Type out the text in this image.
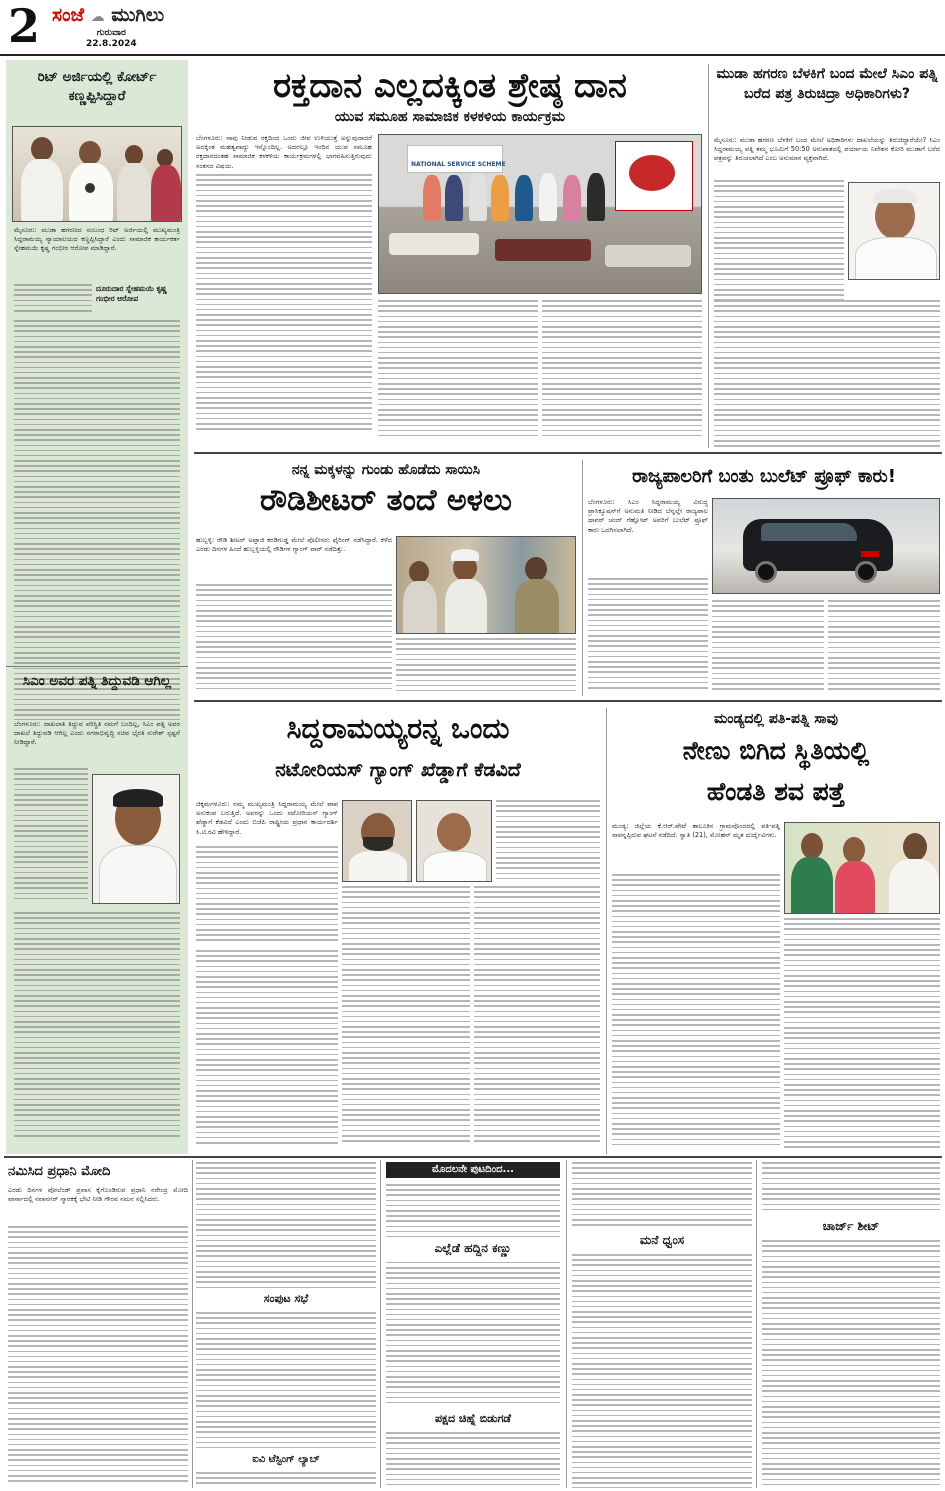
2 ಸಂಜೆ ☁ ಮುಗಿಲು
ಗುರುವಾರ
22.8.2024
ರಿಟ್ ಅರ್ಜಿಯಲ್ಲಿ ಕೋರ್ಟ್ ಕಣ್ಣಪ್ಪಿಸಿದ್ದಾರೆ
ಮೈಸೂರು: ಮುಡಾ ಹಗರಣದ ಸಂಬಂಧ ರಿಟ್ ಅರ್ಜಿಯಲ್ಲಿ ಮುಖ್ಯಮಂತ್ರಿ ಸಿದ್ದರಾಮಯ್ಯ ನ್ಯಾಯಾಲಯದ ಕಣ್ಣಪ್ಪಿಸಿದ್ದಾರೆ ಎಂದು ಸಾಮಾಜಿಕ ಕಾರ್ಯಕರ್ತ ಸ್ನೇಹಮಯಿ ಕೃಷ್ಣ ಗಂಭೀರ ಆರೋಪ ಮಾಡಿದ್ದಾರೆ.
ದೂರುದಾರ ಸ್ನೇಹಮಯಿ ಕೃಷ್ಣ ಗಂಭೀರ ಆರೋಪ
ಸಿಎಂ ಅವರ ಪತ್ನಿ ತಿದ್ದುವಡಿ ಆಗಿಲ್ಲ
ಬೆಂಗಳೂರು: ದಾಖಲಾತಿ ತಿದ್ದುವ ಪರಿಸ್ಥಿತಿ ನಮಗೆ ಬಂದಿಲ್ಲ, ಸಿಎಂ ಪತ್ನಿ ಅವರ ದಾಖಲೆ ತಿದ್ದುವಡಿ ಆಗಿಲ್ಲ ಎಂದು ನಗರಾಭಿವೃದ್ಧಿ ಸಚಿವ ಭೈರತಿ ಸುರೇಶ್ ಸ್ಪಷ್ಟನೆ ನೀಡಿದ್ದಾರೆ.
ರಕ್ತದಾನ ಎಲ್ಲದಕ್ಕಿಂತ ಶ್ರೇಷ್ಠ ದಾನ
ಯುವ ಸಮೂಹ ಸಾಮಾಜಿಕ ಕಳಕಳಿಯ ಕಾರ್ಯಕ್ರಮ
ಬೆಂಗಳೂರು: ನಾವು ನೀಡುವ ರಕ್ತದಿಂದ ಒಂದು ಜೀವ ಉಳಿಯುತ್ತೆ ಅನ್ನುವುದಾದರೆ ಅದಕ್ಕಿಂತ ಮಹತ್ವವಾದ್ದು ಇನ್ನೊಂದಿಲ್ಲ. ಅದರಲ್ಲೂ ಇಂದಿನ ಯುವ ಸಮೂಹ ರಕ್ತದಾನದಂತಹ ಸಾಮಾಜಿಕ ಕಳಕಳಿಯ ಕಾರ್ಯಕ್ರಮಗಳಲ್ಲಿ ಭಾಗವಹಿಸುತ್ತಿರುವುದು ಸಂತಸದ ವಿಷಯ.	NATIONAL SERVICE SCHEME
ಮುಡಾ ಹಗರಣ ಬೆಳಕಿಗೆ ಬಂದ ಮೇಲೆ ಸಿಎಂ ಪತ್ನಿ ಬರೆದ ಪತ್ರ ತಿರುಚಿದ್ರಾ ಅಧಿಕಾರಿಗಳು?
ಮೈಸೂರು: ಮುಡಾ ಹಗರಣ ಬೆಳಕಿಗೆ ಬಂದ ಮೇಲೆ ಅಧಿಕಾರಿಗಳು ದಾಖಲೆಯನ್ನು ತಿರುಚಿದ್ದಾರೆಯೇ? ಸಿಎಂ ಸಿದ್ದರಾಮಯ್ಯ ಪತ್ನಿ ತಮ್ಮ ಭೂಮಿಗೆ 50:50 ಅನುಪಾತದಲ್ಲಿ ಪರ್ಯಾಯ ನಿವೇಶನ ಕೋರಿ ಮುಡಾಗೆ ಬರೆದ ಪತ್ರವನ್ನು ತಿರುಚಲಾಗಿದೆ ಎಂಬ ಅನುಮಾನ ವ್ಯಕ್ತವಾಗಿದೆ.
ನನ್ನ ಮಕ್ಕಳನ್ನು ಗುಂಡು ಹೊಡೆದು ಸಾಯಿಸಿ
ರೌಡಿಶೀಟರ್ ತಂದೆ ಅಳಲು
ಹುಬ್ಬಳ್ಳಿ: ರೌಡಿ ಶೀಟರ್ ಅಪ್ಪಾಜಿ ಕರಡಿಗುಡ್ಡ ಮೇಲೆ ಪೊಲೀಸರು ಫೈರಿಂಗ್ ನಡೆಸಿದ್ದಾರೆ. ಕಳೆದ ಎರಡು ದಿನಗಳ ಹಿಂದೆ ಹುಬ್ಬಳ್ಳಿಯಲ್ಲಿ ರೌಡಿಗಳ ಗ್ಯಾಂಗ್ ವಾರ್ ನಡೆದಿತ್ತು.
ರಾಜ್ಯಪಾಲರಿಗೆ ಬಂತು ಬುಲೆಟ್ ಪ್ರೂಫ್ ಕಾರು!
ಬೆಂಗಳೂರು: ಸಿಎಂ ಸಿದ್ದರಾಮಯ್ಯ ವಿರುದ್ಧ ಪ್ರಾಸಿಕ್ಯೂಷನ್‌ಗೆ ಅನುಮತಿ ನೀಡಿದ ಬೆನ್ನಲ್ಲೇ ರಾಜ್ಯಪಾಲ ಥಾವರ್ ಚಂದ್ ಗೆಹ್ಲೋಟ್ ಅವರಿಗೆ ಬುಲೆಟ್ ಪ್ರೂಫ್ ಕಾರು ಒದಗಿಸಲಾಗಿದೆ.
ಸಿದ್ದರಾಮಯ್ಯರನ್ನ ಒಂದು
ನಟೋರಿಯಸ್ ಗ್ಯಾಂಗ್ ಖೆಡ್ಡಾಗೆ ಕೆಡವಿದೆ
ಚಿಕ್ಕಮಗಳೂರು: ನಮ್ಮ ಮುಖ್ಯಮಂತ್ರಿ ಸಿದ್ದರಾಮಯ್ಯ ಮೇಲೆ ಪಾಪ ಅನುಕಂಪ ಬರುತ್ತಿದೆ. ಅವರನ್ನು ಒಂದು ನಟೋರಿಯಸ್ ಗ್ಯಾಂಗ್ ಖೆಡ್ಡಾಗೆ ಕೆಡವಿದೆ ಎಂದು ಬಿಜೆಪಿ ರಾಷ್ಟ್ರೀಯ ಪ್ರಧಾನ ಕಾರ್ಯದರ್ಶಿ ಸಿ.ಟಿ.ರವಿ ಹೇಳಿದ್ದಾರೆ.
ಮಂಡ್ಯದಲ್ಲಿ ಪತಿ-ಪತ್ನಿ ಸಾವು
ನೇಣು ಬಿಗಿದ ಸ್ಥಿತಿಯಲ್ಲಿ
ಹೆಂಡತಿ ಶವ ಪತ್ತೆ
ಮಂಡ್ಯ: ಜಿಲ್ಲೆಯ ಕೆ.ಆರ್.ಪೇಟೆ ತಾಲೂಕಿನ ಗ್ರಾಮವೊಂದರಲ್ಲಿ ಪತಿ-ಪತ್ನಿ ಸಾವನ್ನಪ್ಪಿರುವ ಘಟನೆ ನಡೆದಿದೆ. ಸ್ವಾತಿ (21), ಮೋಹನ್ ಮೃತ ದುರ್ದೈವಿಗಳು.
ನಮಿಸಿದ ಪ್ರಧಾನಿ ಮೋದಿ
ಎರಡು ದಿನಗಳ ಪೋಲೆಂಡ್ ಪ್ರವಾಸ ಕೈಗೊಂಡಿರುವ ಪ್ರಧಾನಿ ನರೇಂದ್ರ ಮೋದಿ ವಾರ್ಸಾದಲ್ಲಿ ನವಾನಗರ್ ಸ್ಮಾರಕಕ್ಕೆ ಭೇಟಿ ನೀಡಿ ಗೌರವ ನಮನ ಸಲ್ಲಿಸಿದರು.
ಸಂಪುಟ ಸಭೆ
ಐವಿ ಟೆಸ್ಟಿಂಗ್ ಲ್ಯಾಬ್
ಮೊದಲನೇ ಪುಟದಿಂದ...
ಎಲ್ಲೆಡೆ ಹದ್ದಿನ ಕಣ್ಣು
ಪಕ್ಷದ ಚಿಹ್ನೆ ಬಿಡುಗಡೆ
ಮನೆ ಧ್ವಂಸ
ಚಾರ್ಜ್ ಶೀಟ್
